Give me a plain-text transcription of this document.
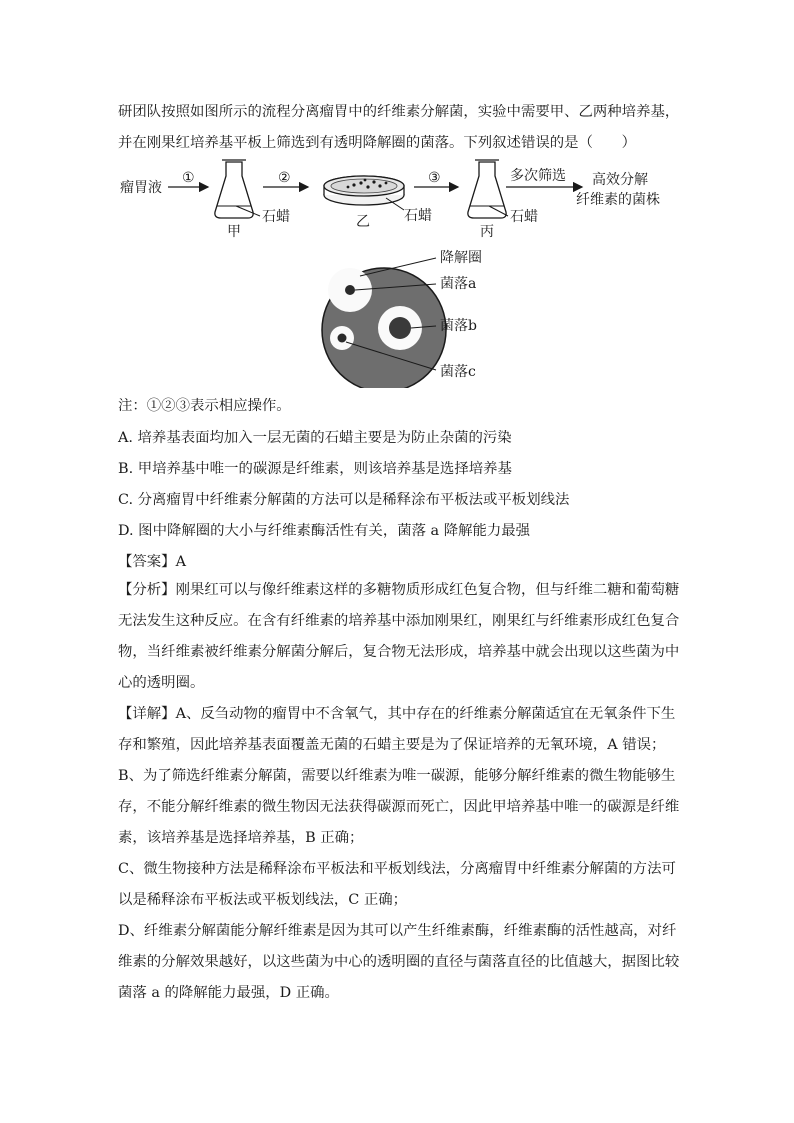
研团队按照如图所示的流程分离瘤胃中的纤维素分解菌，实验中需要甲、乙两种培养基，
并在刚果红培养基平板上筛选到有透明降解圈的菌落。下列叙述错误的是（　　）
瘤胃液
①
石蜡
甲
②
石蜡
乙
③
石蜡
丙
多次筛选 高效分解
纤维素的菌株
降解圈
菌落a
菌落b
菌落c
注：①②③表示相应操作。
A. 培养基表面均加入一层无菌的石蜡主要是为防止杂菌的污染
B. 甲培养基中唯一的碳源是纤维素，则该培养基是选择培养基
C. 分离瘤胃中纤维素分解菌的方法可以是稀释涂布平板法或平板划线法
D. 图中降解圈的大小与纤维素酶活性有关，菌落 a 降解能力最强
【答案】A
【分析】刚果红可以与像纤维素这样的多糖物质形成红色复合物，但与纤维二糖和葡萄糖
无法发生这种反应。在含有纤维素的培养基中添加刚果红，刚果红与纤维素形成红色复合
物，当纤维素被纤维素分解菌分解后，复合物无法形成，培养基中就会出现以这些菌为中
心的透明圈。
【详解】A、反刍动物的瘤胃中不含氧气，其中存在的纤维素分解菌适宜在无氧条件下生
存和繁殖，因此培养基表面覆盖无菌的石蜡主要是为了保证培养的无氧环境，A 错误；
B、为了筛选纤维素分解菌，需要以纤维素为唯一碳源，能够分解纤维素的微生物能够生
存，不能分解纤维素的微生物因无法获得碳源而死亡，因此甲培养基中唯一的碳源是纤维
素，该培养基是选择培养基，B 正确；
C、微生物接种方法是稀释涂布平板法和平板划线法，分离瘤胃中纤维素分解菌的方法可
以是稀释涂布平板法或平板划线法，C 正确；
D、纤维素分解菌能分解纤维素是因为其可以产生纤维素酶，纤维素酶的活性越高，对纤
维素的分解效果越好，以这些菌为中心的透明圈的直径与菌落直径的比值越大，据图比较
菌落 a 的降解能力最强，D 正确。
